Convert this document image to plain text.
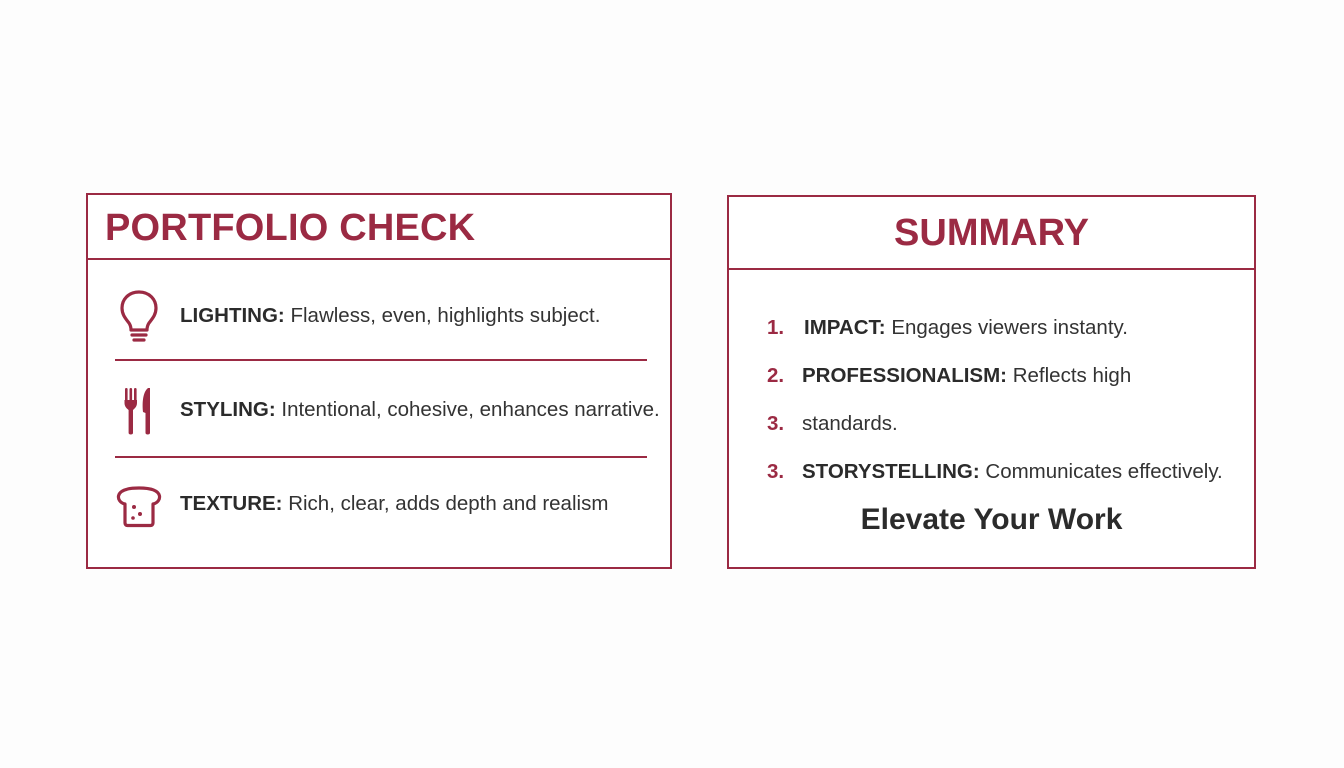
PORTFOLIO CHECK
LIGHTING: Flawless, even, highlights subject.
STYLING: Intentional, cohesive, enhances narrative.
TEXTURE: Rich, clear, adds depth and realism
SUMMARY
1. IMPACT: Engages viewers instanty.
2. PROFESSIONALISM: Reflects high
3. standards.
3. STORYSTELLING: Communicates effectively.
Elevate Your Work
